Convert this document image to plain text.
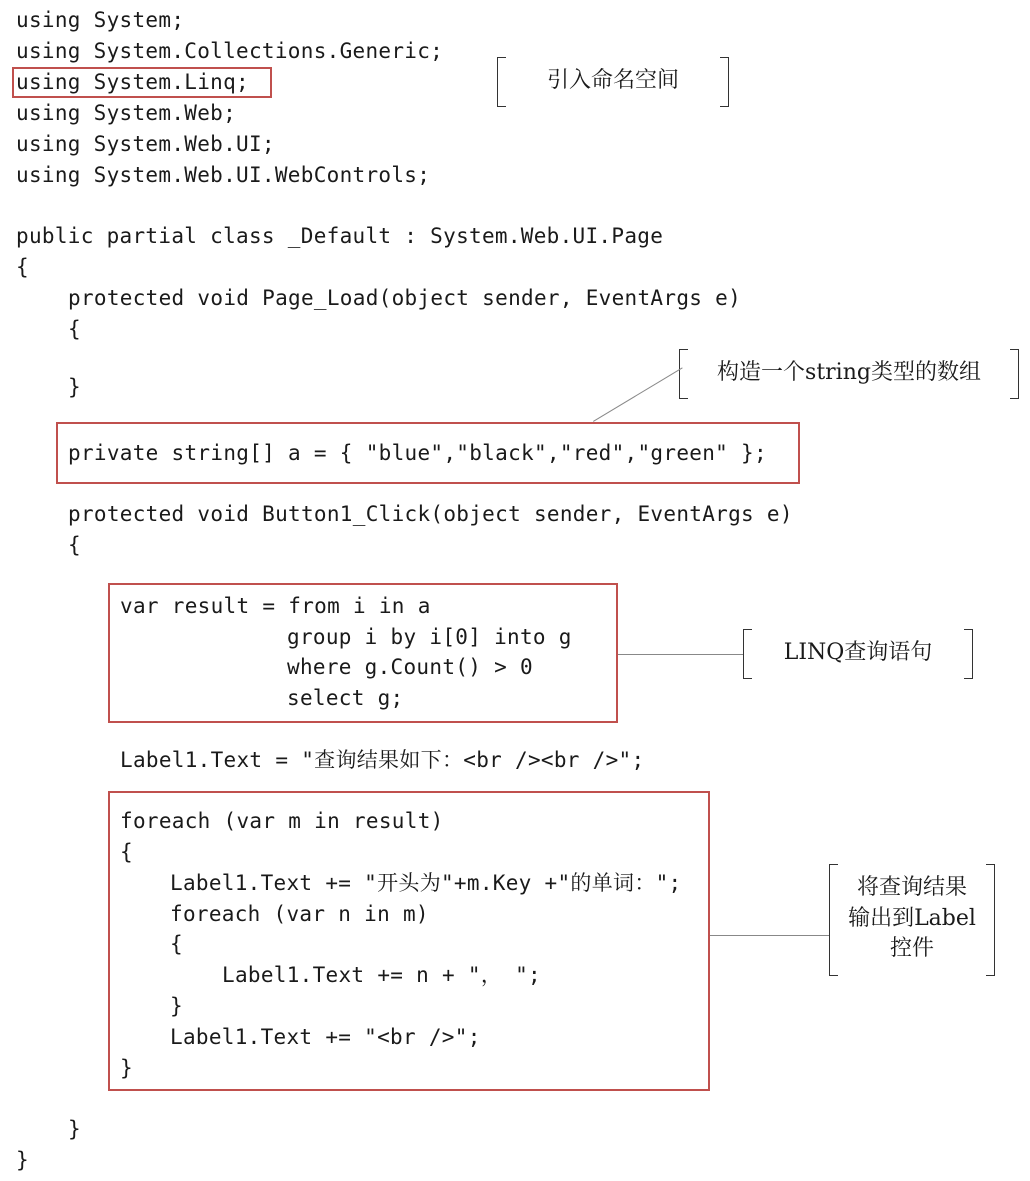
using System;
using System.Collections.Generic;
using System.Linq;
using System.Web;
using System.Web.UI;
using System.Web.UI.WebControls;
public partial class _Default : System.Web.UI.Page
{
protected void Page_Load(object sender, EventArgs e)
{
}
private string[] a = { "blue","black","red","green" };
protected void Button1_Click(object sender, EventArgs e)
{
var result = from i in a
group i by i[0] into g
where g.Count() > 0
select g;
Label1.Text = "查询结果如下：<br /><br />";
foreach (var m in result)
{
Label1.Text += "开头为"+m.Key +"的单词：";
foreach (var n in m)
{
Label1.Text += n + "， ";
}
Label1.Text += "<br />";
}
}
}
引入命名空间
构造一个string类型的数组
LINQ查询语句
将查询结果
输出到Label
控件
